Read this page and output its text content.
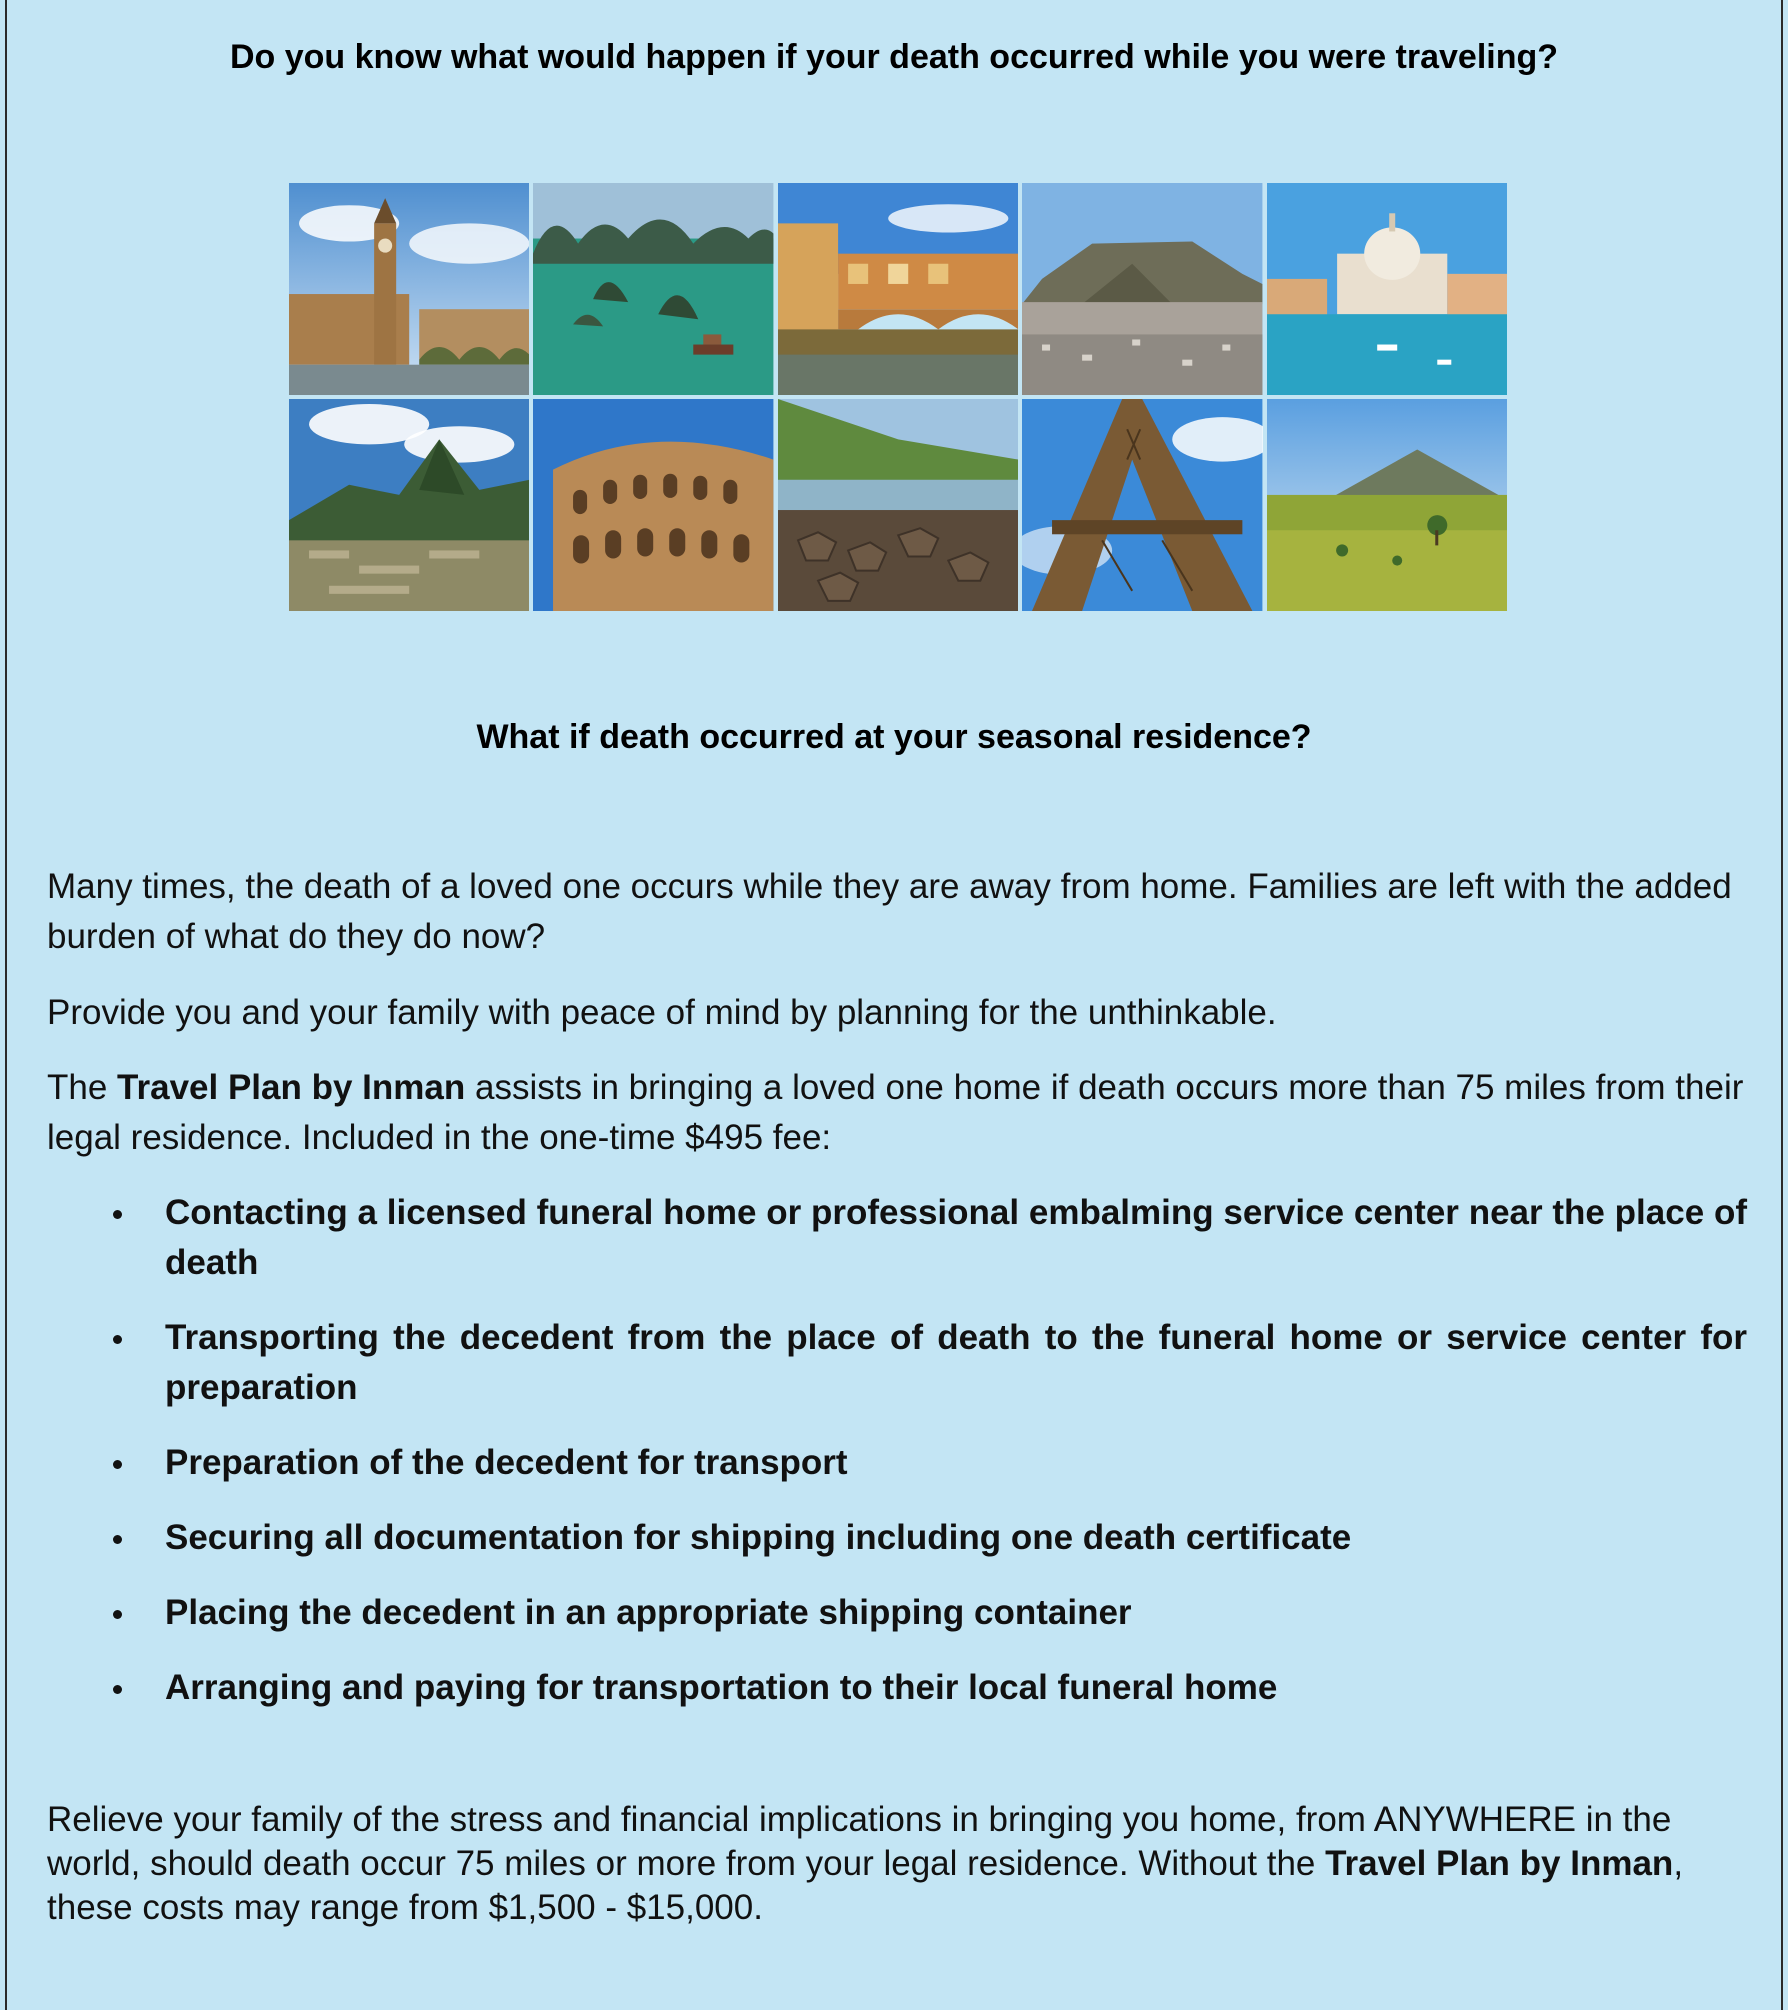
Do you know what would happen if your death occurred while you were traveling?
What if death occurred at your seasonal residence?
Many times, the death of a loved one occurs while they are away from home. Families are left with the added burden of what do they do now?
Provide you and your family with peace of mind by planning for the unthinkable.
The Travel Plan by Inman assists in bringing a loved one home if death occurs more than 75 miles from their legal residence. Included in the one-time $495 fee:
Contacting a licensed funeral home or professional embalming service center near the place of death
Transporting the decedent from the place of death to the funeral home or service center for preparation
Preparation of the decedent for transport
Securing all documentation for shipping including one death certificate
Placing the decedent in an appropriate shipping container
Arranging and paying for transportation to their local funeral home
Relieve your family of the stress and financial implications in bringing you home, from ANYWHERE in the world, should death occur 75 miles or more from your legal residence. Without the Travel Plan by Inman, these costs may range from $1,500 - $15,000.
